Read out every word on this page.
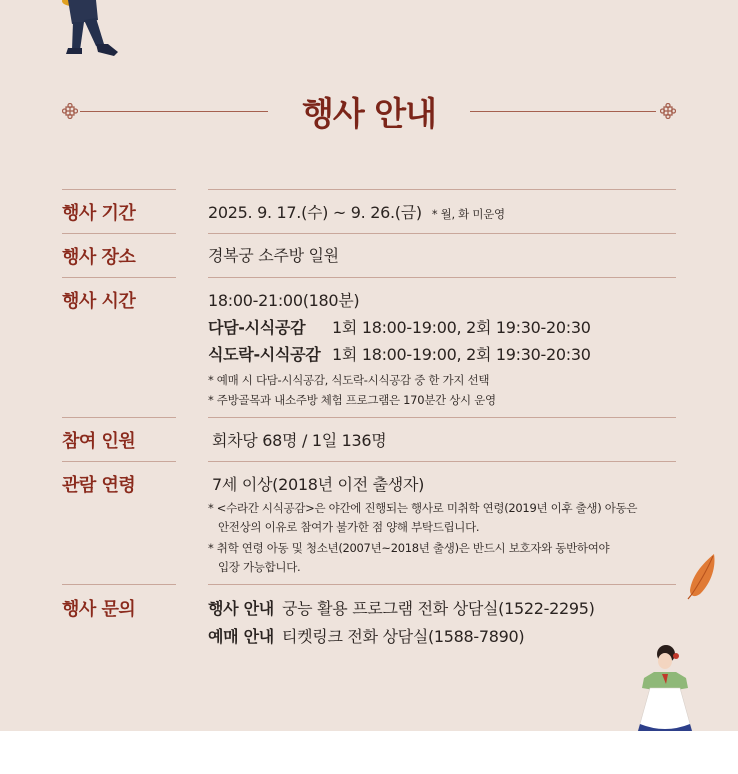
행사 안내
행사 기간	2025. 9. 17.(수) ~ 9. 26.(금) * 월, 화 미운영
행사 장소	경복궁 소주방 일원
행사 시간	18:00-21:00(180분)
다담-시식공감 1회 18:00-19:00, 2회 19:30-20:30
식도락-시식공감 1회 18:00-19:00, 2회 19:30-20:30
* 예매 시 다담-시식공감, 식도락-시식공감 중 한 가지 선택
* 주방골목과 내소주방 체험 프로그램은 170분간 상시 운영
참여 인원	회차당 68명 / 1일 136명
관람 연령	7세 이상(2018년 이전 출생자)
* <수라간 시식공감>은 야간에 진행되는 행사로 미취학 연령(2019년 이후 출생) 아동은
안전상의 이유로 참여가 불가한 점 양해 부탁드립니다.
* 취학 연령 아동 및 청소년(2007년~2018년 출생)은 반드시 보호자와 동반하여야
입장 가능합니다.
행사 문의	행사 안내 궁능 활용 프로그램 전화 상담실(1522-2295)
예매 안내 티켓링크 전화 상담실(1588-7890)
